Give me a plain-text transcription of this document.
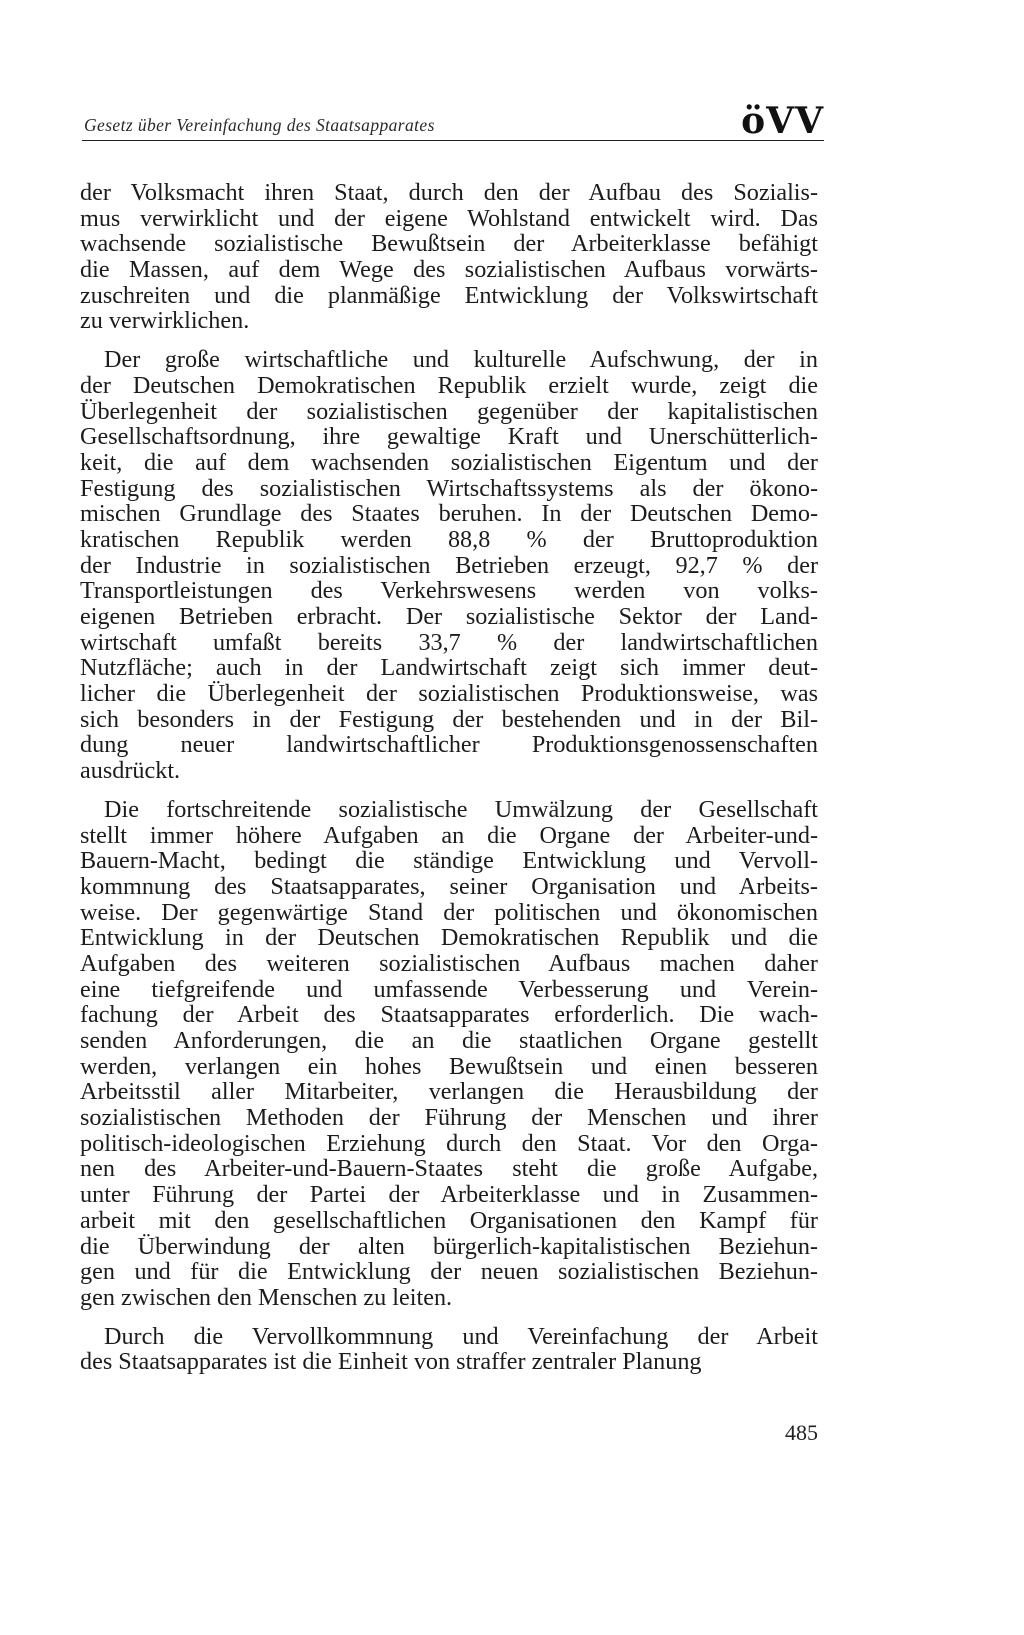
Gesetz über Vereinfachung des Staatsapparates	öVV
der Volksmacht ihren Staat, durch den der Aufbau des Sozialis-
mus verwirklicht und der eigene Wohlstand entwickelt wird. Das
wachsende sozialistische Bewußtsein der Arbeiterklasse befähigt
die Massen, auf dem Wege des sozialistischen Aufbaus vorwärts-
zuschreiten und die planmäßige Entwicklung der Volkswirtschaft
zu verwirklichen.
Der große wirtschaftliche und kulturelle Aufschwung, der in
der Deutschen Demokratischen Republik erzielt wurde, zeigt die
Überlegenheit der sozialistischen gegenüber der kapitalistischen
Gesellschaftsordnung, ihre gewaltige Kraft und Unerschütterlich-
keit, die auf dem wachsenden sozialistischen Eigentum und der
Festigung des sozialistischen Wirtschaftssystems als der ökono-
mischen Grundlage des Staates beruhen. In der Deutschen Demo-
kratischen Republik werden 88,8 % der Bruttoproduktion
der Industrie in sozialistischen Betrieben erzeugt, 92,7 % der
Transportleistungen des Verkehrswesens werden von volks-
eigenen Betrieben erbracht. Der sozialistische Sektor der Land-
wirtschaft umfaßt bereits 33,7 % der landwirtschaftlichen
Nutzfläche; auch in der Landwirtschaft zeigt sich immer deut-
licher die Überlegenheit der sozialistischen Produktionsweise, was
sich besonders in der Festigung der bestehenden und in der Bil-
dung neuer landwirtschaftlicher Produktionsgenossenschaften
ausdrückt.
Die fortschreitende sozialistische Umwälzung der Gesellschaft
stellt immer höhere Aufgaben an die Organe der Arbeiter-und-
Bauern-Macht, bedingt die ständige Entwicklung und Vervoll-
kommnung des Staatsapparates, seiner Organisation und Arbeits-
weise. Der gegenwärtige Stand der politischen und ökonomischen
Entwicklung in der Deutschen Demokratischen Republik und die
Aufgaben des weiteren sozialistischen Aufbaus machen daher
eine tiefgreifende und umfassende Verbesserung und Verein-
fachung der Arbeit des Staatsapparates erforderlich. Die wach-
senden Anforderungen, die an die staatlichen Organe gestellt
werden, verlangen ein hohes Bewußtsein und einen besseren
Arbeitsstil aller Mitarbeiter, verlangen die Herausbildung der
sozialistischen Methoden der Führung der Menschen und ihrer
politisch-ideologischen Erziehung durch den Staat. Vor den Orga-
nen des Arbeiter-und-Bauern-Staates steht die große Aufgabe,
unter Führung der Partei der Arbeiterklasse und in Zusammen-
arbeit mit den gesellschaftlichen Organisationen den Kampf für
die Überwindung der alten bürgerlich-kapitalistischen Beziehun-
gen und für die Entwicklung der neuen sozialistischen Beziehun-
gen zwischen den Menschen zu leiten.
Durch die Vervollkommnung und Vereinfachung der Arbeit
des Staatsapparates ist die Einheit von straffer zentraler Planung
485
